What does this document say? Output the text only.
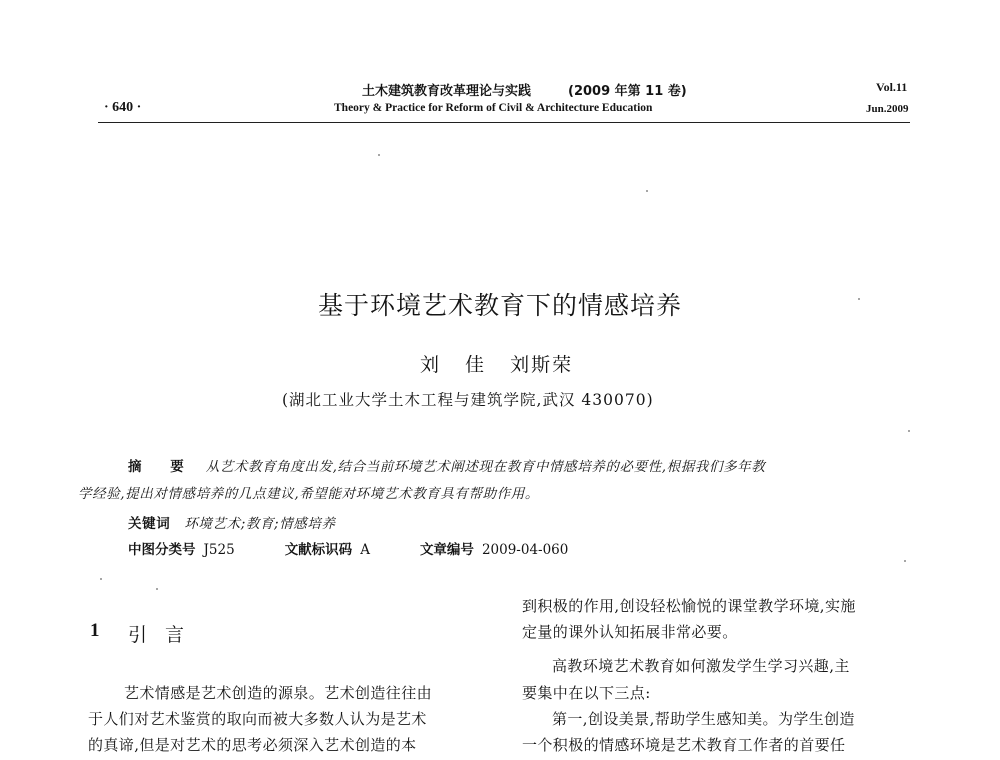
土木建筑教育改革理论与实践	(2009 年第 11 卷)
Theory & Practice for Reform of Civil & Architecture Education
· 640 ·
Vol.11
Jun.2009
基于环境艺术教育下的情感培养
刘 佳 刘斯荣
(湖北工业大学土木工程与建筑学院,武汉 430070)
摘 要 从艺术教育角度出发,结合当前环境艺术阐述现在教育中情感培养的必要性,根据我们多年教
学经验,提出对情感培养的几点建议,希望能对环境艺术教育具有帮助作用。
关键词 环境艺术;教育;情感培养
中图分类号 J525	文献标识码 A	文章编号 2009-04-060
1 引言
艺术情感是艺术创造的源泉。艺术创造往往由
于人们对艺术鉴赏的取向而被大多数人认为是艺术
的真谛,但是对艺术的思考必须深入艺术创造的本
到积极的作用,创设轻松愉悦的课堂教学环境,实施
定量的课外认知拓展非常必要。
高教环境艺术教育如何激发学生学习兴趣,主
要集中在以下三点:
第一,创设美景,帮助学生感知美。为学生创造
一个积极的情感环境是艺术教育工作者的首要任
